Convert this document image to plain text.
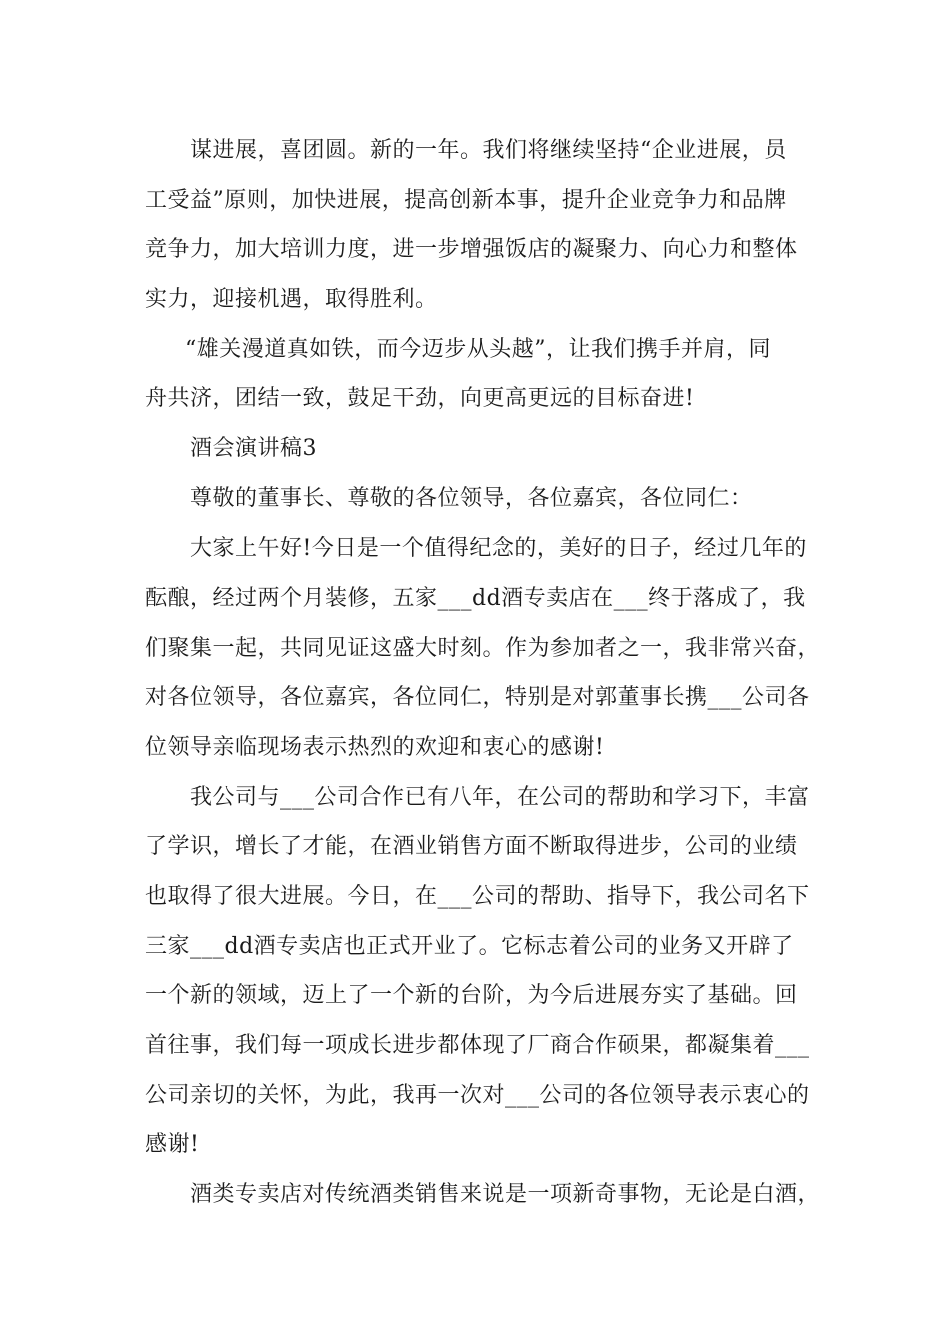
谋进展，喜团圆。新的一年。我们将继续坚持“企业进展，员
工受益”原则，加快进展，提高创新本事，提升企业竞争力和品牌
竞争力，加大培训力度，进一步增强饭店的凝聚力、向心力和整体
实力，迎接机遇，取得胜利。
“雄关漫道真如铁，而今迈步从头越”，让我们携手并肩，同
舟共济，团结一致，鼓足干劲，向更高更远的目标奋进!
酒会演讲稿3
尊敬的董事长、尊敬的各位领导，各位嘉宾，各位同仁：
大家上午好!今日是一个值得纪念的，美好的日子，经过几年的
酝酿，经过两个月装修，五家___dd酒专卖店在___终于落成了，我
们聚集一起，共同见证这盛大时刻。作为参加者之一，我非常兴奋，
对各位领导，各位嘉宾，各位同仁，特别是对郭董事长携___公司各
位领导亲临现场表示热烈的欢迎和衷心的感谢!
我公司与___公司合作已有八年，在公司的帮助和学习下，丰富
了学识，增长了才能，在酒业销售方面不断取得进步，公司的业绩
也取得了很大进展。今日，在___公司的帮助、指导下，我公司名下
三家___dd酒专卖店也正式开业了。它标志着公司的业务又开辟了
一个新的领域，迈上了一个新的台阶，为今后进展夯实了基础。回
首往事，我们每一项成长进步都体现了厂商合作硕果，都凝集着___
公司亲切的关怀，为此，我再一次对___公司的各位领导表示衷心的
感谢!
酒类专卖店对传统酒类销售来说是一项新奇事物，无论是白酒，
